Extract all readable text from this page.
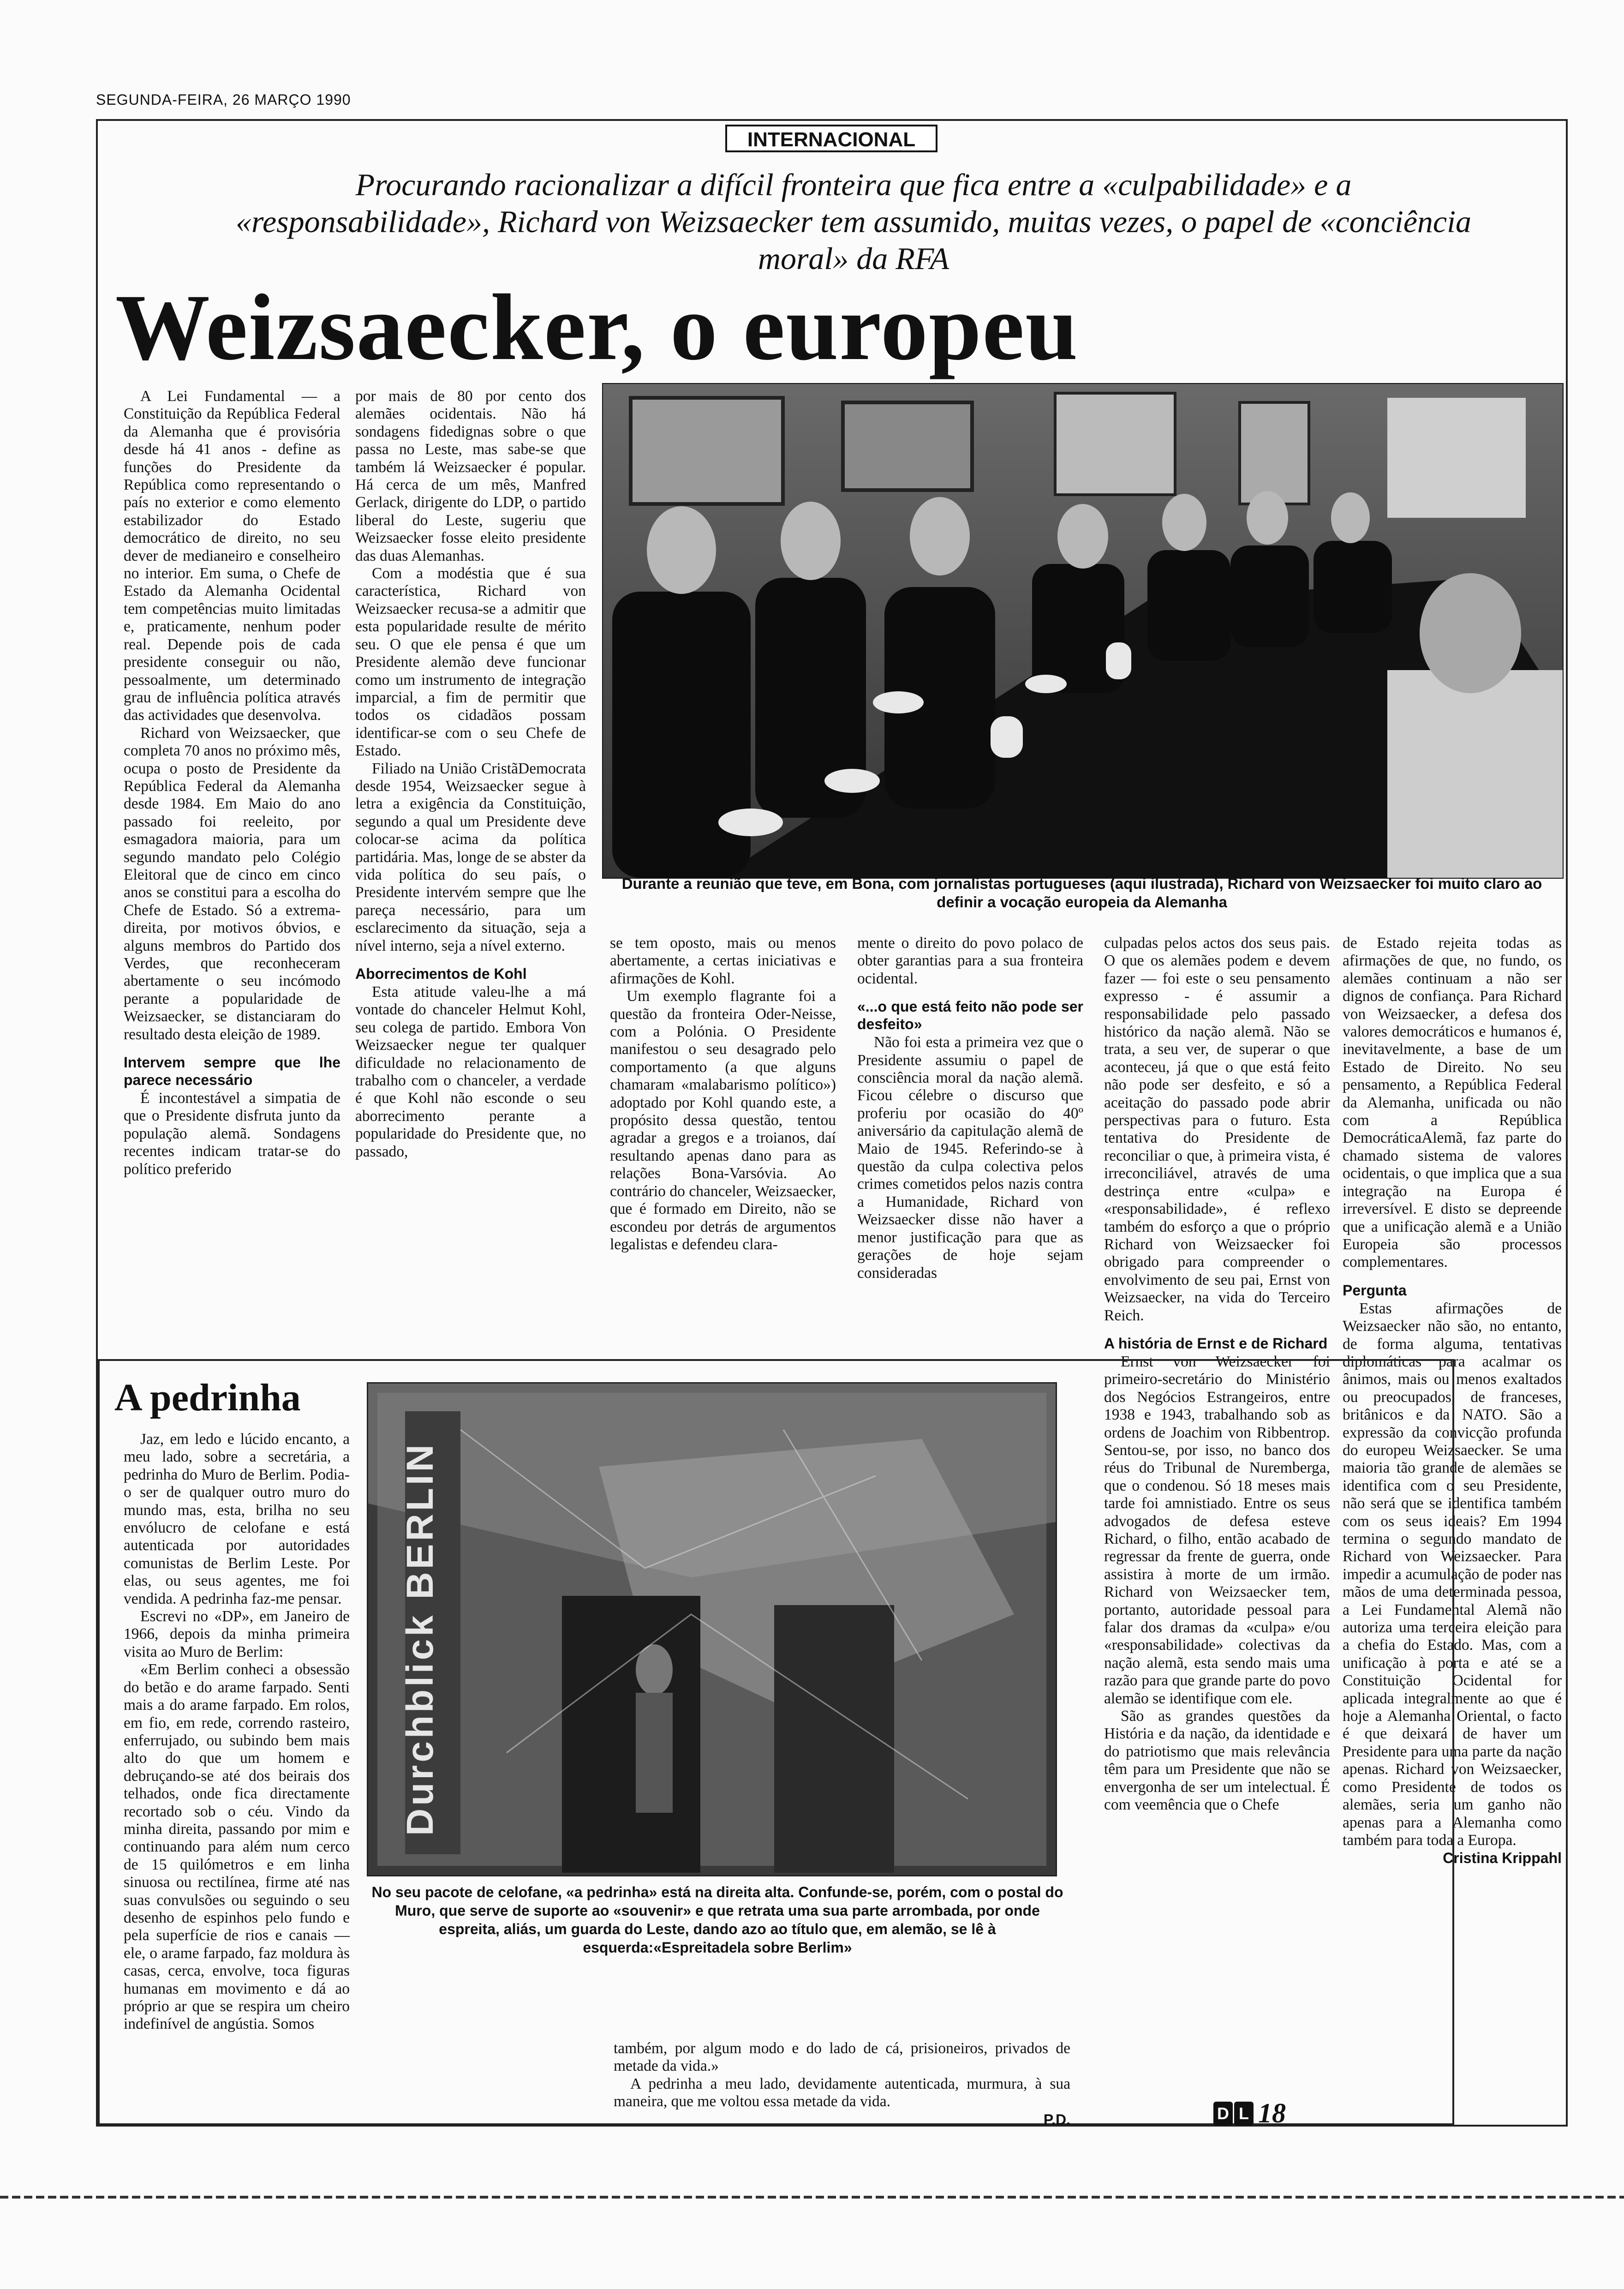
SEGUNDA-FEIRA, 26 MARÇO 1990
INTERNACIONAL
Procurando racionalizar a difícil fronteira que fica entre a «culpabilidade» e a «responsabilidade», Richard von Weizsaecker tem assumido, muitas vezes, o papel de «conciência moral» da RFA
Weizsaecker, o europeu

A Lei Fundamental — a Constituição da República Federal da Alemanha que é provisória desde há 41 anos - define as funções do Presidente da República como representando o país no exterior e como elemento estabilizador do Estado democrático de direito, no seu dever de medianeiro e conselheiro no interior. Em suma, o Chefe de Estado da Alemanha Ocidental tem competências muito limitadas e, praticamente, nenhum poder real. Depende pois de cada presidente conseguir ou não, pessoalmente, um determinado grau de influência política através das actividades que desenvolva.

Richard von Weizsaecker, que completa 70 anos no próximo mês, ocupa o posto de Presidente da República Federal da Alemanha desde 1984. Em Maio do ano passado foi reeleito, por esmagadora maioria, para um segundo mandato pelo Colégio Eleitoral que de cinco em cinco anos se constitui para a escolha do Chefe de Estado. Só a extrema-direita, por motivos óbvios, e alguns membros do Partido dos Verdes, que reconheceram abertamente o seu incómodo perante a popularidade de Weizsaecker, se distanciaram do resultado desta eleição de 1989.

Intervem sempre que lhe parece necessário

É incontestável a simpatia de que o Presidente disfruta junto da população alemã. Sondagens recentes indicam tratar-se do político preferido

por mais de 80 por cento dos alemães ocidentais. Não há sondagens fidedignas sobre o que passa no Leste, mas sabe-se que também lá Weizsaecker é popular. Há cerca de um mês, Manfred Gerlack, dirigente do LDP, o partido liberal do Leste, sugeriu que Weizsaecker fosse eleito presidente das duas Alemanhas.

Com a modéstia que é sua característica, Richard von Weizsaecker recusa-se a admitir que esta popularidade resulte de mérito seu. O que ele pensa é que um Presidente alemão deve funcionar como um instrumento de integração imparcial, a fim de permitir que todos os cidadãos possam identificar-se com o seu Chefe de Estado.

Filiado na União CristãDemocrata desde 1954, Weizsaecker segue à letra a exigência da Constituição, segundo a qual um Presidente deve colocar-se acima da política partidária. Mas, longe de se abster da vida política do seu país, o Presidente intervém sempre que lhe pareça necessário, para um esclarecimento da situação, seja a nível interno, seja a nível externo.

Aborrecimentos de Kohl

Esta atitude valeu-lhe a má vontade do chanceler Helmut Kohl, seu colega de partido. Embora Von Weizsaecker negue ter qualquer dificuldade no relacionamento de trabalho com o chanceler, a verdade é que Kohl não esconde o seu aborrecimento perante a popularidade do Presidente que, no passado,

Durante a reunião que teve, em Bona, com jornalistas portugueses (aqui ilustrada), Richard von Weizsaecker foi muito claro ao definir a vocação europeia da Alemanha

se tem oposto, mais ou menos abertamente, a certas iniciativas e afirmações de Kohl.

Um exemplo flagrante foi a questão da fronteira Oder-Neisse, com a Polónia. O Presidente manifestou o seu desagrado pelo comportamento (a que alguns chamaram «malabarismo político») adoptado por Kohl quando este, a propósito dessa questão, tentou agradar a gregos e a troianos, daí resultando apenas dano para as relações Bona-Varsóvia. Ao contrário do chanceler, Weizsaecker, que é formado em Direito, não se escondeu por detrás de argumentos legalistas e defendeu clara-

mente o direito do povo polaco de obter garantias para a sua fronteira ocidental.

«...o que está feito não pode ser desfeito»

Não foi esta a primeira vez que o Presidente assumiu o papel de consciência moral da nação alemã. Ficou célebre o discurso que proferiu por ocasião do 40º aniversário da capitulação alemã de Maio de 1945. Referindo-se à questão da culpa colectiva pelos crimes cometidos pelos nazis contra a Humanidade, Richard von Weizsaecker disse não haver a menor justificação para que as gerações de hoje sejam consideradas

culpadas pelos actos dos seus pais. O que os alemães podem e devem fazer — foi este o seu pensamento expresso - é assumir a responsabilidade pelo passado histórico da nação alemã. Não se trata, a seu ver, de superar o que aconteceu, já que o que está feito não pode ser desfeito, e só a aceitação do passado pode abrir perspectivas para o futuro. Esta tentativa do Presidente de reconciliar o que, à primeira vista, é irreconciliável, através de uma destrinça entre «culpa» e «responsabilidade», é reflexo também do esforço a que o próprio Richard von Weizsaecker foi obrigado para compreender o envolvimento de seu pai, Ernst von Weizsaecker, na vida do Terceiro Reich.

A história de Ernst e de Richard

Ernst von Weizsaecker foi primeiro-secretário do Ministério dos Negócios Estrangeiros, entre 1938 e 1943, trabalhando sob as ordens de Joachim von Ribbentrop. Sentou-se, por isso, no banco dos réus do Tribunal de Nuremberga, que o condenou. Só 18 meses mais tarde foi amnistiado. Entre os seus advogados de defesa esteve Richard, o filho, então acabado de regressar da frente de guerra, onde assistira à morte de um irmão. Richard von Weizsaecker tem, portanto, autoridade pessoal para falar dos dramas da «culpa» e/ou «responsabilidade» colectivas da nação alemã, esta sendo mais uma razão para que grande parte do povo alemão se identifique com ele.

São as grandes questões da História e da nação, da identidade e do patriotismo que mais relevância têm para um Presidente que não se envergonha de ser um intelectual. É com veemência que o Chefe

de Estado rejeita todas as afirmações de que, no fundo, os alemães continuam a não ser dignos de confiança. Para Richard von Weizsaecker, a defesa dos valores democráticos e humanos é, inevitavelmente, a base de um Estado de Direito. No seu pensamento, a República Federal da Alemanha, unificada ou não com a República DemocráticaAlemã, faz parte do chamado sistema de valores ocidentais, o que implica que a sua integração na Europa é irreversível. E disto se depreende que a unificação alemã e a União Europeia são processos complementares.

Pergunta

Estas afirmações de Weizsaecker não são, no entanto, de forma alguma, tentativas diplomáticas para acalmar os ânimos, mais ou menos exaltados ou preocupados, de franceses, britânicos e da NATO. São a expressão da convicção profunda do europeu Weizsaecker. Se uma maioria tão grande de alemães se identifica com o seu Presidente, não será que se identifica também com os seus ideais? Em 1994 termina o segundo mandato de Richard von Weizsaecker. Para impedir a acumulação de poder nas mãos de uma determinada pessoa, a Lei Fundamental Alemã não autoriza uma terceira eleição para a chefia do Estado. Mas, com a unificação à porta e até se a Constituição Ocidental for aplicada integralmente ao que é hoje a Alemanha Oriental, o facto é que deixará de haver um Presidente para uma parte da nação apenas. Richard von Weizsaecker, como Presidente de todos os alemães, seria um ganho não apenas para a Alemanha como também para toda a Europa.

Cristina Krippahl
A pedrinha

Jaz, em ledo e lúcido encanto, a meu lado, sobre a secretária, a pedrinha do Muro de Berlim. Podia-o ser de qualquer outro muro do mundo mas, esta, brilha no seu envólucro de celofane e está autenticada por autoridades comunistas de Berlim Leste. Por elas, ou seus agentes, me foi vendida. A pedrinha faz-me pensar.

Escrevi no «DP», em Janeiro de 1966, depois da minha primeira visita ao Muro de Berlim:

«Em Berlim conheci a obsessão do betão e do arame farpado. Senti mais a do arame farpado. Em rolos, em fio, em rede, correndo rasteiro, enferrujado, ou subindo bem mais alto do que um homem e debruçando-se até dos beirais dos telhados, onde fica directamente recortado sob o céu. Vindo da minha direita, passando por mim e continuando para além num cerco de 15 quilómetros e em linha sinuosa ou rectilínea, firme até nas suas convulsões ou seguindo o seu desenho de espinhos pelo fundo e pela superfície de rios e canais — ele, o arame farpado, faz moldura às casas, cerca, envolve, toca figuras humanas em movimento e dá ao próprio ar que se respira um cheiro indefinível de angústia. Somos

também, por algum modo e do lado de cá, prisioneiros, privados de metade da vida.»

A pedrinha a meu lado, devidamente autenticada, murmura, à sua maneira, que me voltou essa metade da vida.

P.D.
Durchblick BERLIN
No seu pacote de celofane, «a pedrinha» está na direita alta. Confunde-se, porém, com o postal do Muro, que serve de suporte ao «souvenir» e que retrata uma sua parte arrombada, por onde espreita, aliás, um guarda do Leste, dando azo ao título que, em alemão, se lê à esquerda:«Espreitadela sobre Berlim»
D L 18
